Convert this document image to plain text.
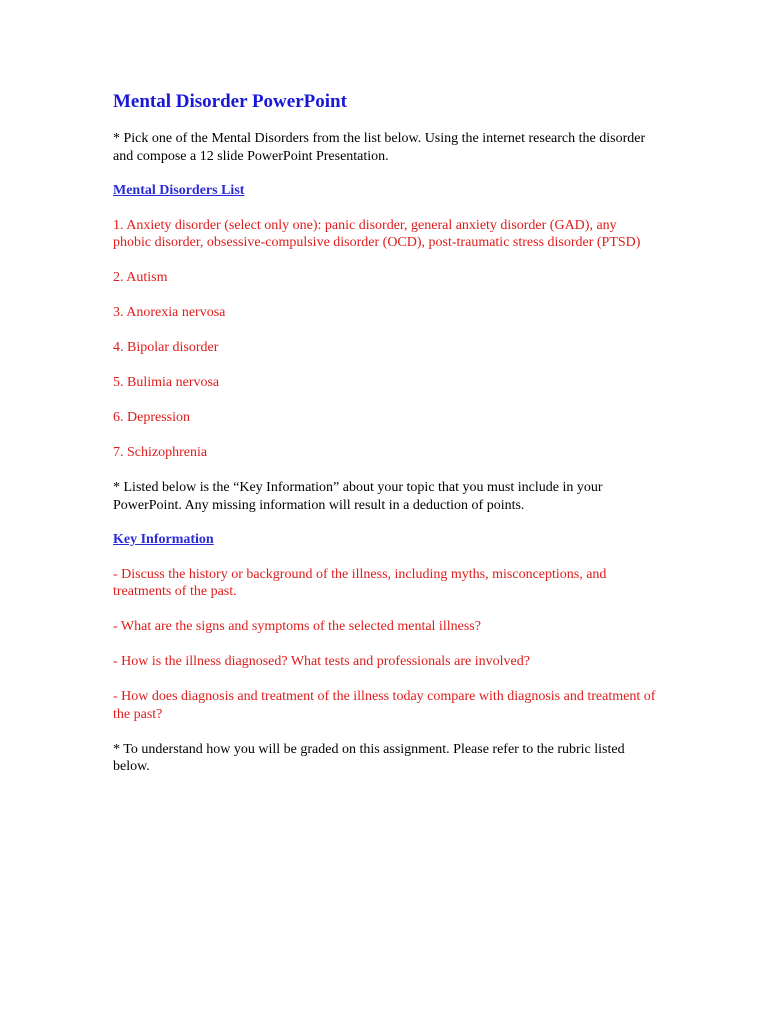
Mental Disorder PowerPoint
* Pick one of the Mental Disorders from the list below. Using the internet research the disorder and compose a 12 slide PowerPoint Presentation.
Mental Disorders List
1. Anxiety disorder (select only one): panic disorder, general anxiety disorder (GAD), any phobic disorder, obsessive-compulsive disorder (OCD), post-traumatic stress disorder (PTSD)
2. Autism
3. Anorexia nervosa
4. Bipolar disorder
5. Bulimia nervosa
6. Depression
7. Schizophrenia
* Listed below is the “Key Information” about your topic that you must include in your PowerPoint. Any missing information will result in a deduction of points.
Key Information
- Discuss the history or background of the illness, including myths, misconceptions, and treatments of the past.
- What are the signs and symptoms of the selected mental illness?
- How is the illness diagnosed? What tests and professionals are involved?
- How does diagnosis and treatment of the illness today compare with diagnosis and treatment of the past?
* To understand how you will be graded on this assignment. Please refer to the rubric listed below.
